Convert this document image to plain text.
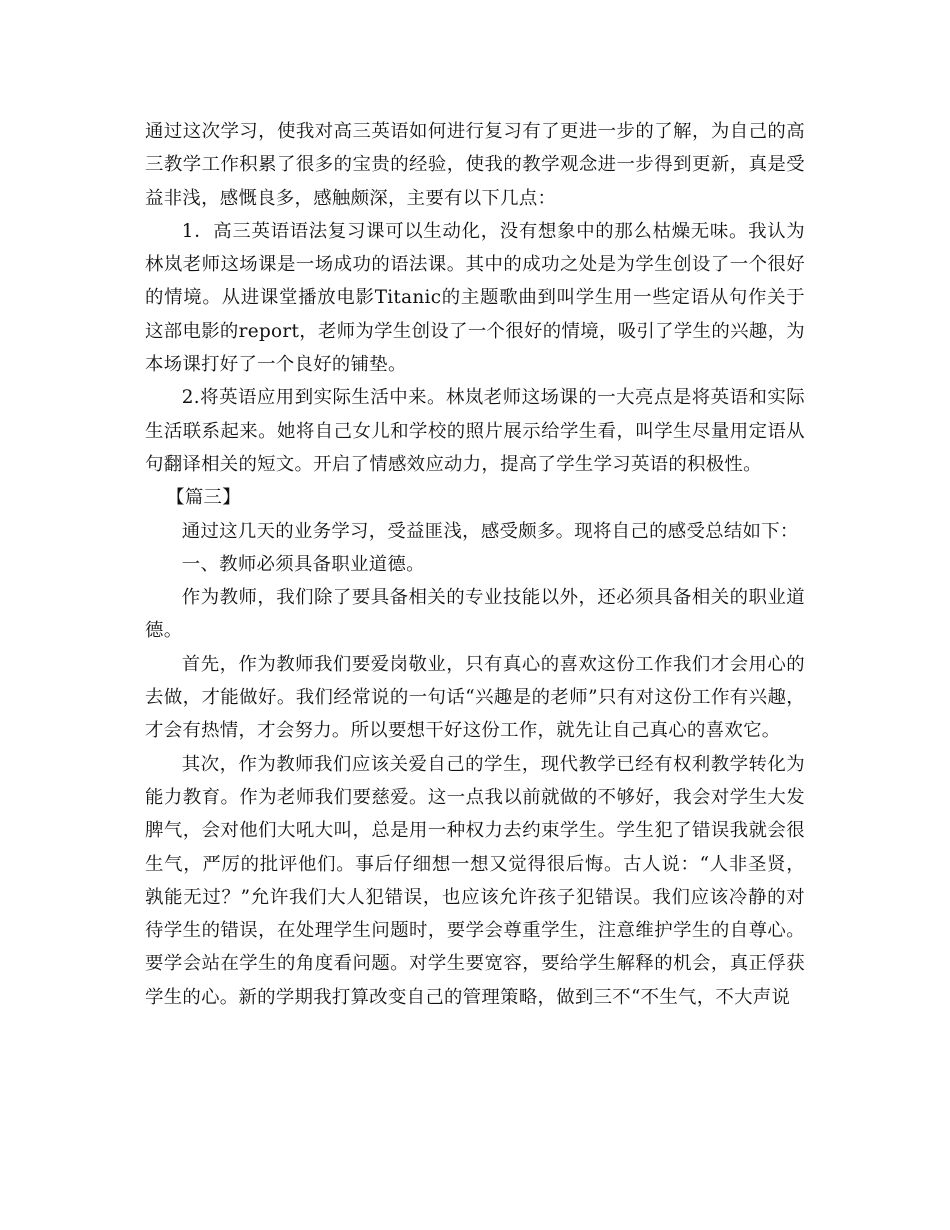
通过这次学习，使我对高三英语如何进行复习有了更进一步的了解，为自己的高三教学工作积累了很多的宝贵的经验，使我的教学观念进一步得到更新，真是受益非浅，感慨良多，感触颇深，主要有以下几点：

1．高三英语语法复习课可以生动化，没有想象中的那么枯燥无味。我认为林岚老师这场课是一场成功的语法课。其中的成功之处是为学生创设了一个很好的情境。从进课堂播放电影Titanic的主题歌曲到叫学生用一些定语从句作关于这部电影的report，老师为学生创设了一个很好的情境，吸引了学生的兴趣，为本场课打好了一个良好的铺垫。

2.将英语应用到实际生活中来。林岚老师这场课的一大亮点是将英语和实际生活联系起来。她将自己女儿和学校的照片展示给学生看，叫学生尽量用定语从句翻译相关的短文。开启了情感效应动力，提高了学生学习英语的积极性。

【篇三】

通过这几天的业务学习，受益匪浅，感受颇多。现将自己的感受总结如下：

一、教师必须具备职业道德。

作为教师，我们除了要具备相关的专业技能以外，还必须具备相关的职业道德。

首先，作为教师我们要爱岗敬业，只有真心的喜欢这份工作我们才会用心的去做，才能做好。我们经常说的一句话“兴趣是的老师”只有对这份工作有兴趣，才会有热情，才会努力。所以要想干好这份工作，就先让自己真心的喜欢它。

其次，作为教师我们应该关爱自己的学生，现代教学已经有权利教学转化为能力教育。作为老师我们要慈爱。这一点我以前就做的不够好，我会对学生大发脾气，会对他们大吼大叫，总是用一种权力去约束学生。学生犯了错误我就会很生气，严厉的批评他们。事后仔细想一想又觉得很后悔。古人说：“人非圣贤，孰能无过？”允许我们大人犯错误，也应该允许孩子犯错误。我们应该冷静的对待学生的错误，在处理学生问题时，要学会尊重学生，注意维护学生的自尊心。要学会站在学生的角度看问题。对学生要宽容，要给学生解释的机会，真正俘获学生的心。新的学期我打算改变自己的管理策略，做到三不“不生气，不大声说
